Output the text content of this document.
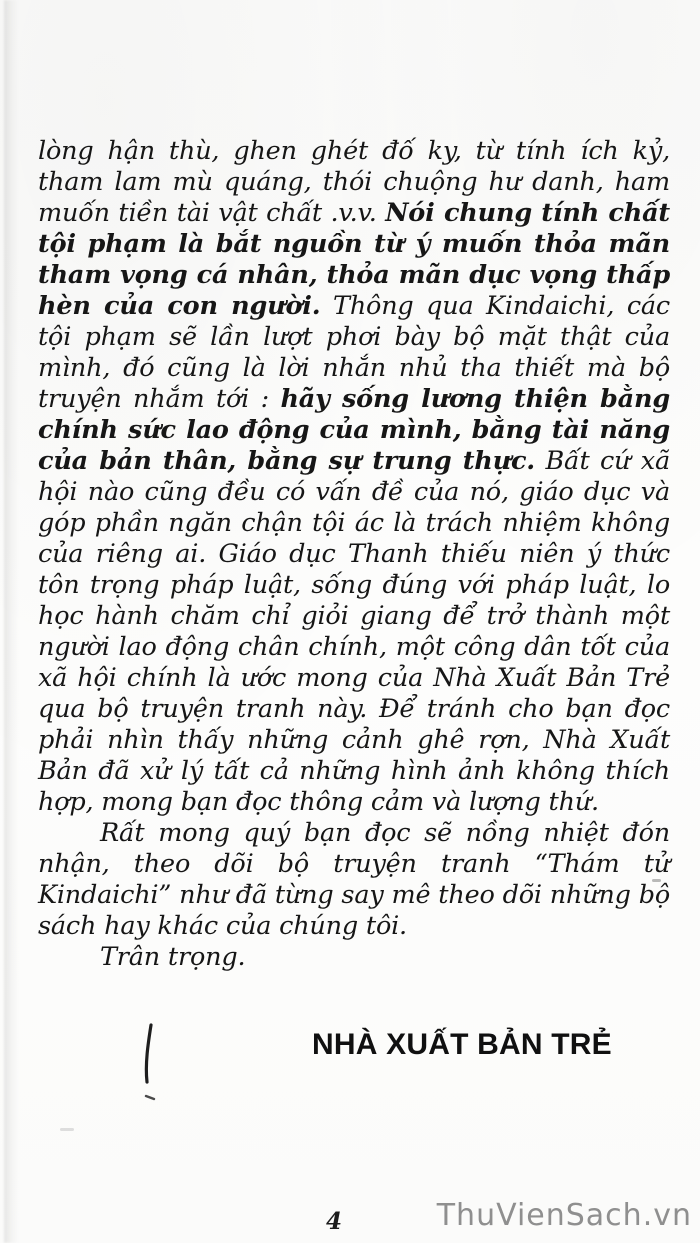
lòng hận thù, ghen ghét đố ky, từ tính ích kỷ, tham lam mù quáng, thói chuộng hư danh, ham muốn tiền tài vật chất .v.v. Nói chung tính chất tội phạm là bắt nguồn từ ý muốn thỏa mãn tham vọng cá nhân, thỏa mãn dục vọng thấp hèn của con người. Thông qua Kindaichi, các tội phạm sẽ lần lượt phơi bày bộ mặt thật của mình, đó cũng là lời nhắn nhủ tha thiết mà bộ truyện nhắm tới : hãy sống lương thiện bằng chính sức lao động của mình, bằng tài năng của bản thân, bằng sự trung thực. Bất cứ xã hội nào cũng đều có vấn đề của nó, giáo dục và góp phần ngăn chận tội ác là trách nhiệm không của riêng ai. Giáo dục Thanh thiếu niên ý thức tôn trọng pháp luật, sống đúng với pháp luật, lo học hành chăm chỉ giỏi giang để trở thành một người lao động chân chính, một công dân tốt của xã hội chính là ước mong của Nhà Xuất Bản Trẻ qua bộ truyện tranh này. Để tránh cho bạn đọc phải nhìn thấy những cảnh ghê rợn, Nhà Xuất Bản đã xử lý tất cả những hình ảnh không thích hợp, mong bạn đọc thông cảm và lượng thứ.

Rất mong quý bạn đọc sẽ nồng nhiệt đón nhận, theo dõi bộ truyện tranh “Thám tử Kindaichi” như đã từng say mê theo dõi những bộ sách hay khác của chúng tôi.

Trân trọng.

NHÀ XUẤT BẢN TRẺ
4	ThuVienSach.vn
